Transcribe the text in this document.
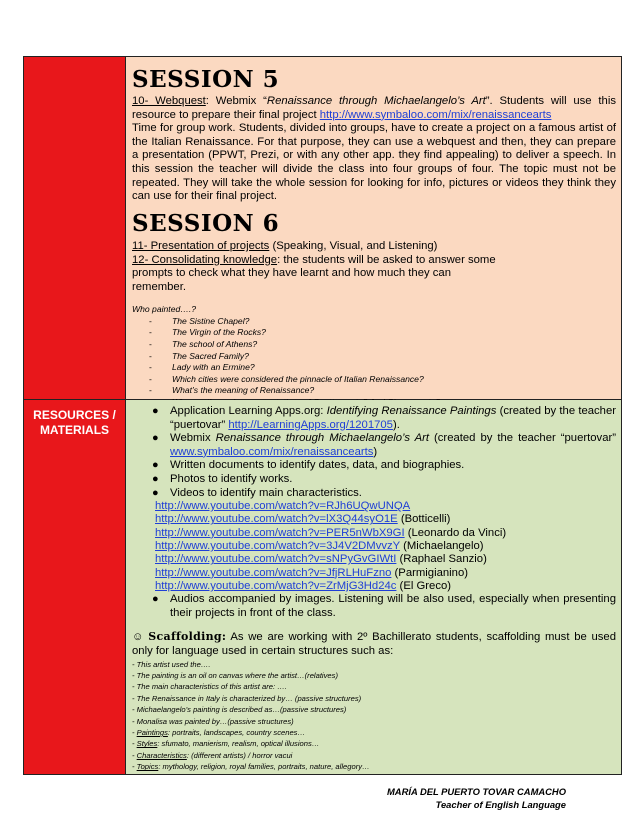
SESSION 5
10- Webquest: Webmix “Renaissance through Michaelangelo’s Art”. Students will use this resource to prepare their final project http://www.symbaloo.com/mix/renaissancearts
Time for group work. Students, divided into groups, have to create a project on a famous artist of the Italian Renaissance. For that purpose, they can use a webquest and then, they can prepare a presentation (PPWT, Prezi, or with any other app. they find appealing) to deliver a speech. In this session the teacher will divide the class into four groups of four. The topic must not be repeated. They will take the whole session for looking for info, pictures or videos they think they can use for their final project.
SESSION 6
11- Presentation of projects (Speaking, Visual, and Listening)
12- Consolidating knowledge: the students will be asked to answer some prompts to check what they have learnt and how much they can remember.
Who painted….?
- The Sistine Chapel?
- The Virgin of the Rocks?
- The school of Athens?
- The Sacred Family?
- Lady with an Ermine?
- Which cities were considered the pinnacle of Italian Renaissance?
- What’s the meaning of Renaissance?
RESOURCES / MATERIALS
● Application Learning Apps.org: Identifying Renaissance Paintings (created by the teacher “puertovar” http://LearningApps.org/1201705).
● Webmix Renaissance through Michaelangelo’s Art (created by the teacher “puertovar” www.symbaloo.com/mix/renaissancearts)
● Written documents to identify dates, data, and biographies.
● Photos to identify works.
● Videos to identify main characteristics.
http://www.youtube.com/watch?v=RJh6UQwUNQA
http://www.youtube.com/watch?v=lX3Q44syO1E (Botticelli)
http://www.youtube.com/watch?v=PER5nWbX9GI (Leonardo da Vinci)
http://www.youtube.com/watch?v=3J4V2DMvvzY (Michaelangelo)
http://www.youtube.com/watch?v=sNPyGvGIWtI (Raphael Sanzio)
http://www.youtube.com/watch?v=JfjRLHuFzno (Parmigianino)
http://www.youtube.com/watch?v=ZrMjG3Hd24c (El Greco)
● Audios accompanied by images. Listening will be also used, especially when presenting their projects in front of the class.
☺ Scaffolding: As we are working with 2º Bachillerato students, scaffolding must be used only for language used in certain structures such as:
- This artist used the….
- The painting is an oil on canvas where the artist…(relatives)
- The main characteristics of this artist are: ….
- The Renaissance in Italy is characterized by… (passive structures)
- Michaelangelo’s painting is described as…(passive structures)
- Monalisa was painted by…(passive structures)
- Paintings: portraits, landscapes, country scenes…
- Styles: sfumato, manierism, realism, optical illusions…
- Characteristics: (different artists) / horror vacui
- Topics: mythology, religion, royal families, portraits, nature, allegory…
MARÍA DEL PUERTO TOVAR CAMACHO
Teacher of English Language
